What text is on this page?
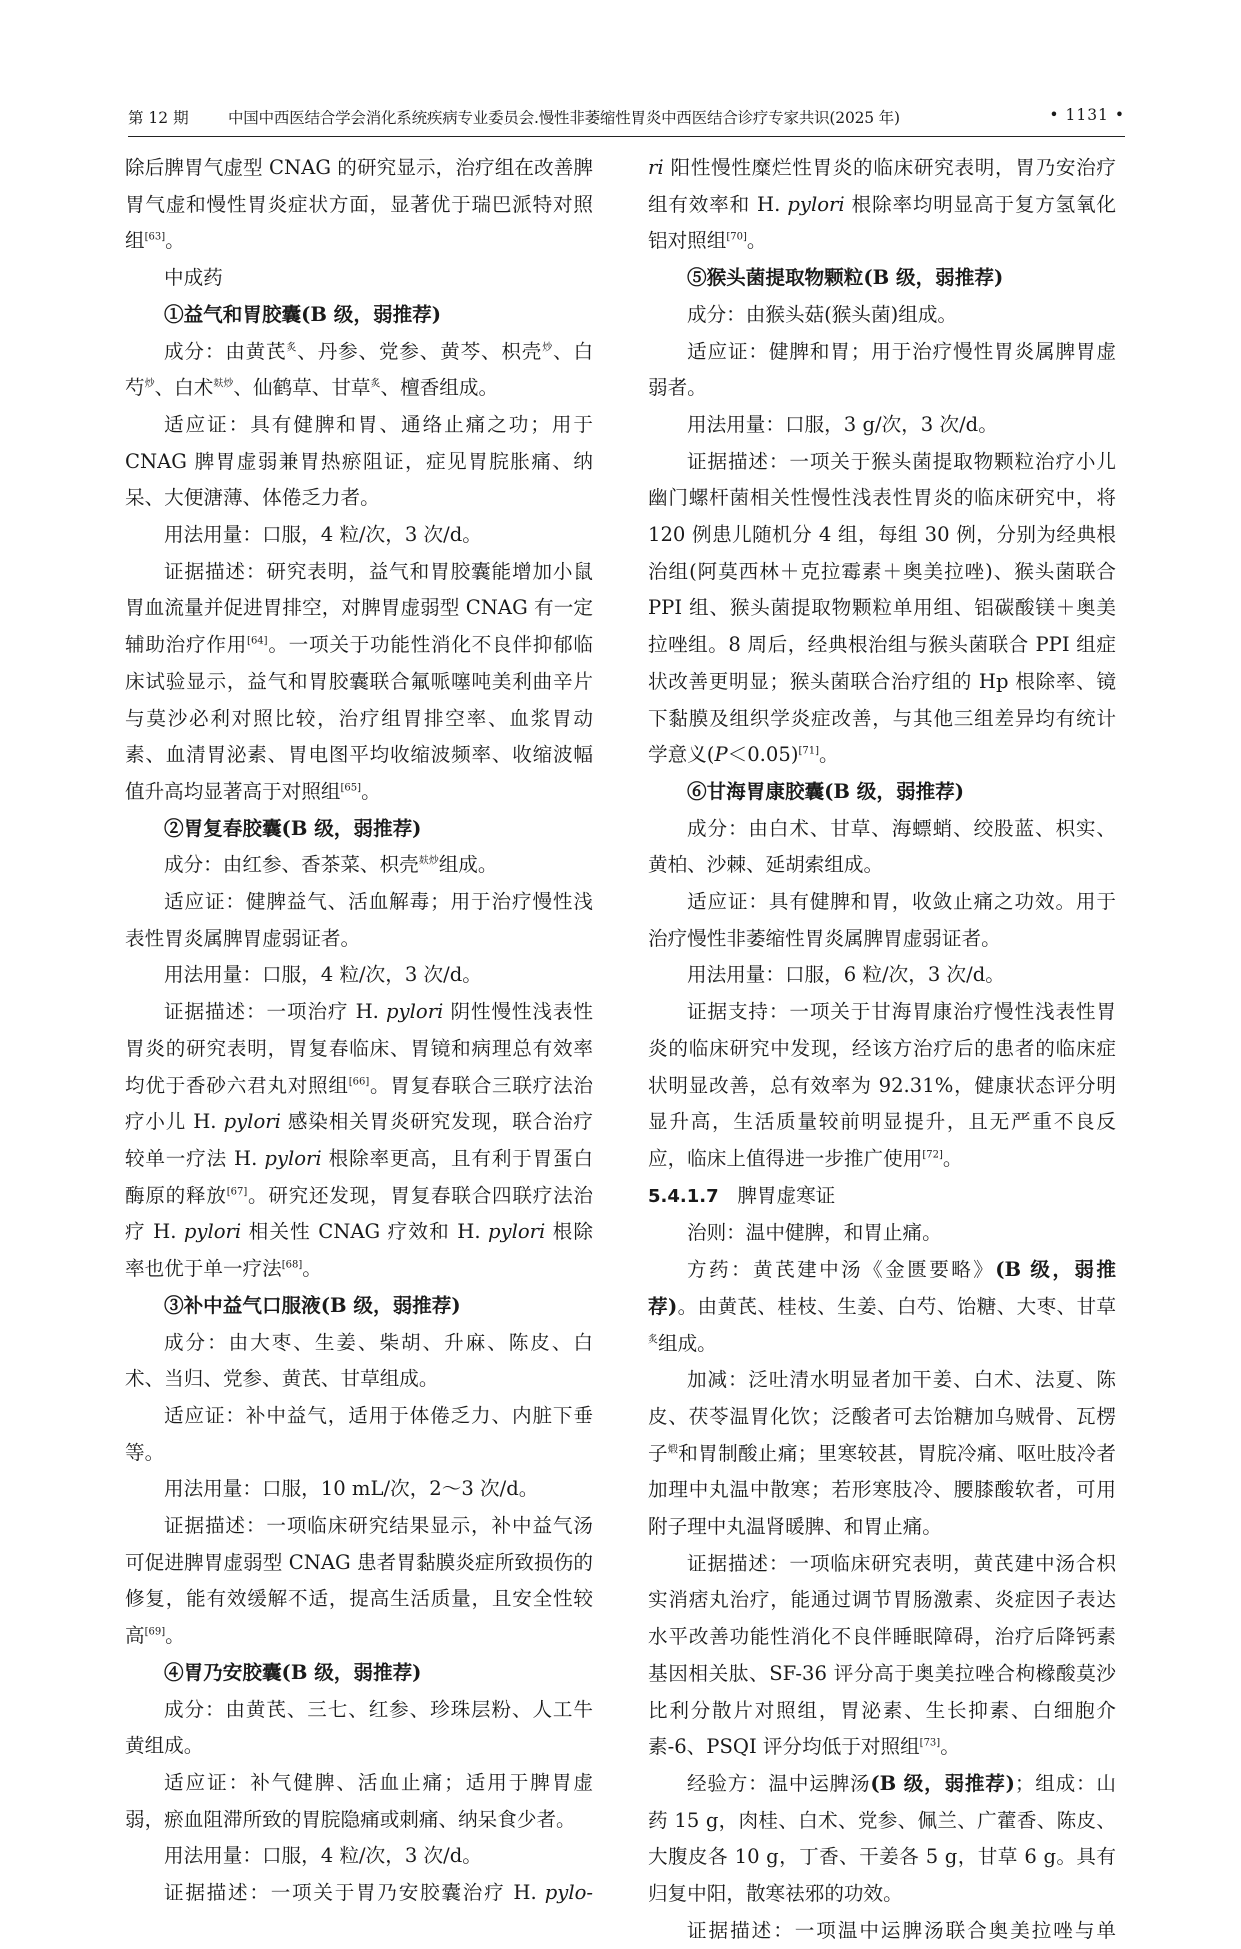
第 12 期	中国中西医结合学会消化系统疾病专业委员会.慢性非萎缩性胃炎中西医结合诊疗专家共识(2025 年)	• 1131 •

除后脾胃气虚型 CNAG 的研究显示，治疗组在改善脾胃气虚和慢性胃炎症状方面，显著优于瑞巴派特对照组[63]。

中成药

①益气和胃胶囊(B 级，弱推荐)

成分：由黄芪$^炙$、丹参、党参、黄芩、枳壳$^炒$、白芍$^炒$、白术$^{麸炒}$、仙鹤草、甘草$^炙$、檀香组成。

适应证：具有健脾和胃、通络止痛之功；用于 CNAG 脾胃虚弱兼胃热瘀阻证，症见胃脘胀痛、纳呆、大便溏薄、体倦乏力者。

用法用量：口服，4 粒/次，3 次/d。

证据描述：研究表明，益气和胃胶囊能增加小鼠胃血流量并促进胃排空，对脾胃虚弱型 CNAG 有一定辅助治疗作用[64]。一项关于功能性消化不良伴抑郁临床试验显示，益气和胃胶囊联合氟哌噻吨美利曲辛片与莫沙必利对照比较，治疗组胃排空率、血浆胃动素、血清胃泌素、胃电图平均收缩波频率、收缩波幅值升高均显著高于对照组[65]。

②胃复春胶囊(B 级，弱推荐)

成分：由红参、香茶菜、枳壳$^{麸炒}$组成。

适应证：健脾益气、活血解毒；用于治疗慢性浅表性胃炎属脾胃虚弱证者。

用法用量：口服，4 粒/次，3 次/d。

证据描述：一项治疗 H. pylori 阴性慢性浅表性胃炎的研究表明，胃复春临床、胃镜和病理总有效率均优于香砂六君丸对照组[66]。胃复春联合三联疗法治疗小儿 H. pylori 感染相关胃炎研究发现，联合治疗较单一疗法 H. pylori 根除率更高，且有利于胃蛋白酶原的释放[67]。研究还发现，胃复春联合四联疗法治疗 H. pylori 相关性 CNAG 疗效和 H. pylori 根除率也优于单一疗法[68]。

③补中益气口服液(B 级，弱推荐)

成分：由大枣、生姜、柴胡、升麻、陈皮、白术、当归、党参、黄芪、甘草组成。

适应证：补中益气，适用于体倦乏力、内脏下垂等。

用法用量：口服，10 mL/次，2～3 次/d。

证据描述：一项临床研究结果显示，补中益气汤可促进脾胃虚弱型 CNAG 患者胃黏膜炎症所致损伤的修复，能有效缓解不适，提高生活质量，且安全性较高[69]。

④胃乃安胶囊(B 级，弱推荐)

成分：由黄芪、三七、红参、珍珠层粉、人工牛黄组成。

适应证：补气健脾、活血止痛；适用于脾胃虚弱，瘀血阻滞所致的胃脘隐痛或刺痛、纳呆食少者。

用法用量：口服，4 粒/次，3 次/d。

证据描述：一项关于胃乃安胶囊治疗 H. pylo-

ri 阳性慢性糜烂性胃炎的临床研究表明，胃乃安治疗组有效率和 H. pylori 根除率均明显高于复方氢氧化铝对照组[70]。

⑤猴头菌提取物颗粒(B 级，弱推荐)

成分：由猴头菇(猴头菌)组成。

适应证：健脾和胃；用于治疗慢性胃炎属脾胃虚弱者。

用法用量：口服，3 g/次，3 次/d。

证据描述：一项关于猴头菌提取物颗粒治疗小儿幽门螺杆菌相关性慢性浅表性胃炎的临床研究中，将 120 例患儿随机分 4 组，每组 30 例，分别为经典根治组(阿莫西林＋克拉霉素＋奥美拉唑)、猴头菌联合 PPI 组、猴头菌提取物颗粒单用组、铝碳酸镁＋奥美拉唑组。8 周后，经典根治组与猴头菌联合 PPI 组症状改善更明显；猴头菌联合治疗组的 Hp 根除率、镜下黏膜及组织学炎症改善，与其他三组差异均有统计学意义(P＜0.05)[71]。

⑥甘海胃康胶囊(B 级，弱推荐)

成分：由白术、甘草、海螵蛸、绞股蓝、枳实、黄柏、沙棘、延胡索组成。

适应证：具有健脾和胃，收敛止痛之功效。用于治疗慢性非萎缩性胃炎属脾胃虚弱证者。

用法用量：口服，6 粒/次，3 次/d。

证据支持：一项关于甘海胃康治疗慢性浅表性胃炎的临床研究中发现，经该方治疗后的患者的临床症状明显改善，总有效率为 92.31%，健康状态评分明显升高，生活质量较前明显提升，且无严重不良反应，临床上值得进一步推广使用[72]。

5.4.1.7 脾胃虚寒证

治则：温中健脾，和胃止痛。

方药：黄芪建中汤《金匮要略》(B 级，弱推荐)。由黄芪、桂枝、生姜、白芍、饴糖、大枣、甘草$^炙$组成。

加减：泛吐清水明显者加干姜、白术、法夏、陈皮、茯苓温胃化饮；泛酸者可去饴糖加乌贼骨、瓦楞子$^煅$和胃制酸止痛；里寒较甚，胃脘冷痛、呕吐肢冷者加理中丸温中散寒；若形寒肢冷、腰膝酸软者，可用附子理中丸温肾暖脾、和胃止痛。

证据描述：一项临床研究表明，黄芪建中汤合枳实消痞丸治疗，能通过调节胃肠激素、炎症因子表达水平改善功能性消化不良伴睡眠障碍，治疗后降钙素基因相关肽、SF-36 评分高于奥美拉唑合枸橼酸莫沙比利分散片对照组，胃泌素、生长抑素、白细胞介素-6、PSQI 评分均低于对照组[73]。

经验方：温中运脾汤(B 级，弱推荐)；组成：山药 15 g，肉桂、白术、党参、佩兰、广藿香、陈皮、大腹皮各 10 g，丁香、干姜各 5 g，甘草 6 g。具有归复中阳，散寒祛邪的功效。

证据描述：一项温中运脾汤联合奥美拉唑与单
